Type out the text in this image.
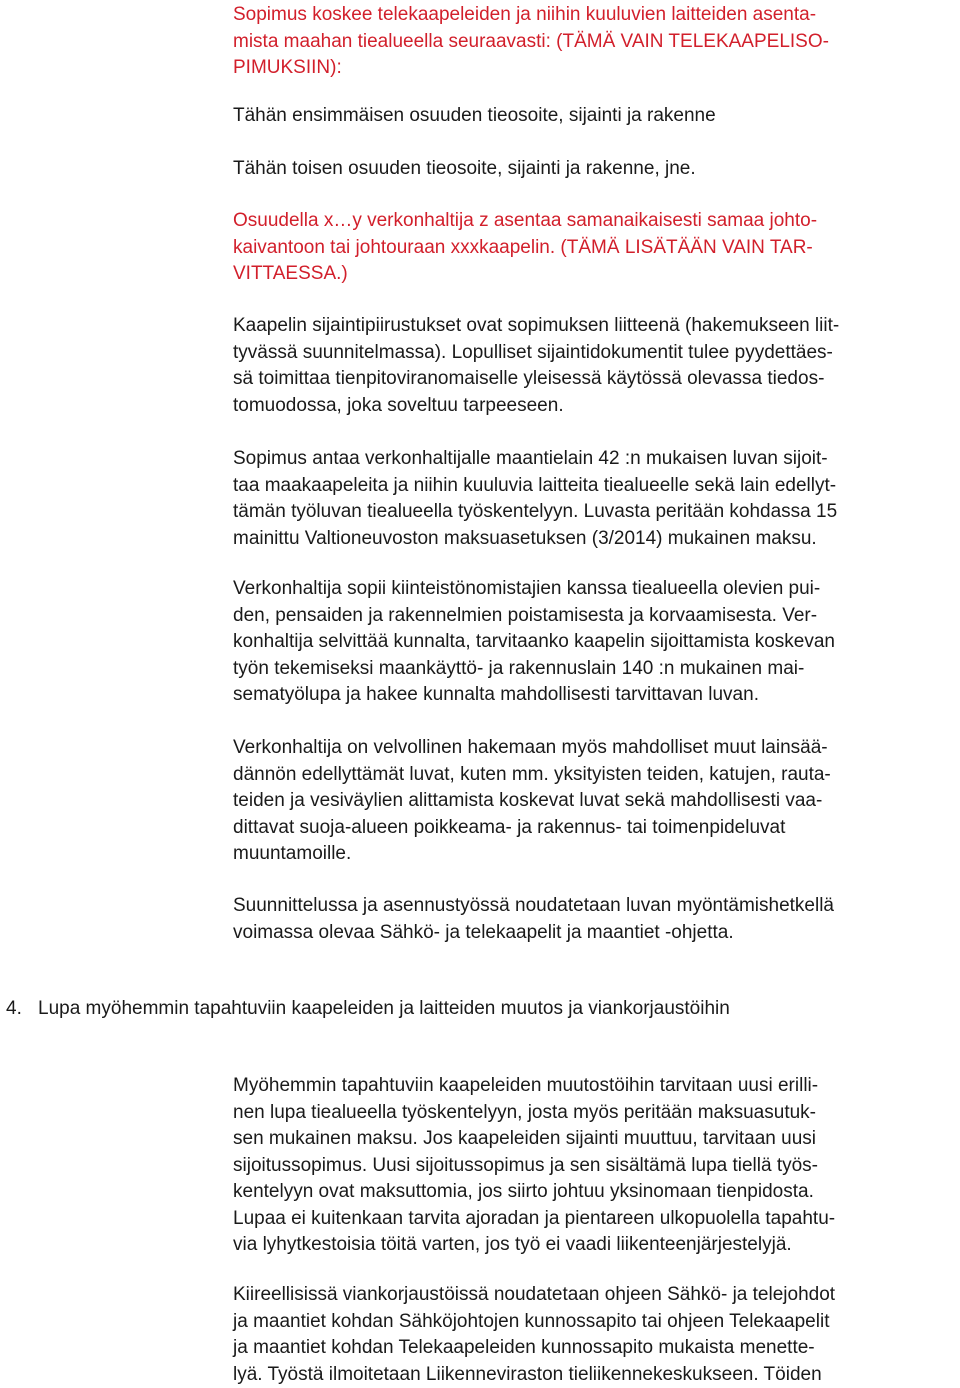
Sopimus koskee telekaapeleiden ja niihin kuuluvien laitteiden asenta-
mista maahan tiealueella seuraavasti: (TÄMÄ VAIN TELEKAAPELISO-
PIMUKSIIN):

Tähän ensimmäisen osuuden tieosoite, sijainti ja rakenne

Tähän toisen osuuden tieosoite, sijainti ja rakenne, jne.

Osuudella x…y verkonhaltija z asentaa samanaikaisesti samaa johto-
kaivantoon tai johtouraan xxxkaapelin. (TÄMÄ LISÄTÄÄN VAIN TAR-
VITTAESSA.)

Kaapelin sijaintipiirustukset ovat sopimuksen liitteenä (hakemukseen liit-
tyvässä suunnitelmassa). Lopulliset sijaintidokumentit tulee pyydettäes-
sä toimittaa tienpitoviranomaiselle yleisessä käytössä olevassa tiedos-
tomuodossa, joka soveltuu tarpeeseen.

Sopimus antaa verkonhaltijalle maantielain 42 :n mukaisen luvan sijoit-
taa maakaapeleita ja niihin kuuluvia laitteita tiealueelle sekä lain edellyt-
tämän työluvan tiealueella työskentelyyn. Luvasta peritään kohdassa 15
mainittu Valtioneuvoston maksuasetuksen (3/2014) mukainen maksu.

Verkonhaltija sopii kiinteistönomistajien kanssa tiealueella olevien pui-
den, pensaiden ja rakennelmien poistamisesta ja korvaamisesta. Ver-
konhaltija selvittää kunnalta, tarvitaanko kaapelin sijoittamista koskevan
työn tekemiseksi maankäyttö- ja rakennuslain 140 :n mukainen mai-
sematyölupa ja hakee kunnalta mahdollisesti tarvittavan luvan.

Verkonhaltija on velvollinen hakemaan myös mahdolliset muut lainsää-
dännön edellyttämät luvat, kuten mm. yksityisten teiden, katujen, rauta-
teiden ja vesiväylien alittamista koskevat luvat sekä mahdollisesti vaa-
dittavat suoja-alueen poikkeama- ja rakennus- tai toimenpideluvat
muuntamoille.

Suunnittelussa ja asennustyössä noudatetaan luvan myöntämishetkellä
voimassa olevaa Sähkö- ja telekaapelit ja maantiet -ohjetta.

4. Lupa myöhemmin tapahtuviin kaapeleiden ja laitteiden muutos ja viankorjaustöihin

Myöhemmin tapahtuviin kaapeleiden muutostöihin tarvitaan uusi erilli-
nen lupa tiealueella työskentelyyn, josta myös peritään maksuasutuk-
sen mukainen maksu. Jos kaapeleiden sijainti muuttuu, tarvitaan uusi
sijoitussopimus. Uusi sijoitussopimus ja sen sisältämä lupa tiellä työs-
kentelyyn ovat maksuttomia, jos siirto johtuu yksinomaan tienpidosta.
Lupaa ei kuitenkaan tarvita ajoradan ja pientareen ulkopuolella tapahtu-
via lyhytkestoisia töitä varten, jos työ ei vaadi liikenteenjärjestelyjä.

Kiireellisissä viankorjaustöissä noudatetaan ohjeen Sähkö- ja telejohdot
ja maantiet kohdan Sähköjohtojen kunnossapito tai ohjeen Telekaapelit
ja maantiet kohdan Telekaapeleiden kunnossapito mukaista menette-
lyä. Työstä ilmoitetaan Liikenneviraston tieliikennekeskukseen. Töiden
